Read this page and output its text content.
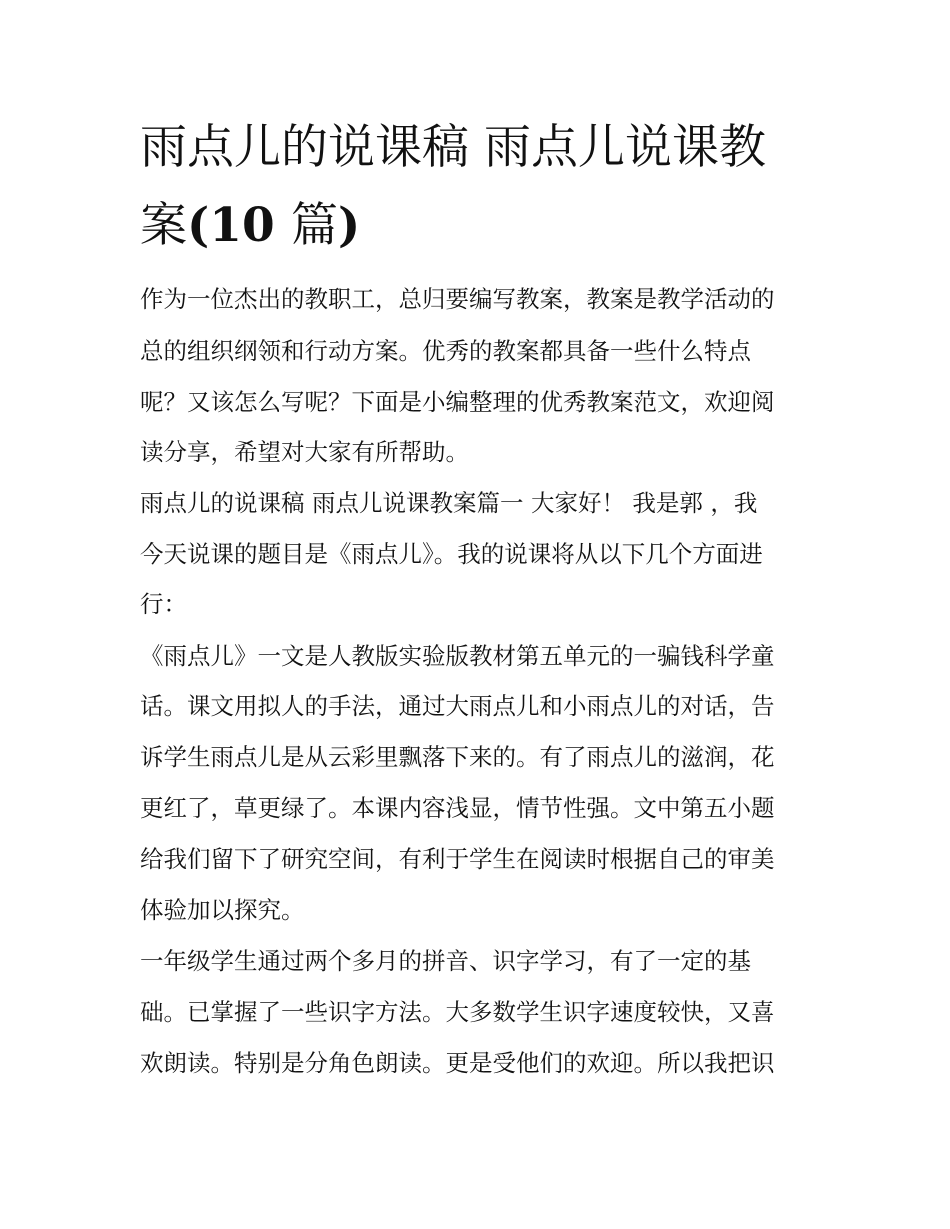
雨点儿的说课稿 雨点儿说课教
案(10 篇)
作为一位杰出的教职工，总归要编写教案，教案是教学活动的
总的组织纲领和行动方案。优秀的教案都具备一些什么特点
呢？又该怎么写呢？下面是小编整理的优秀教案范文，欢迎阅
读分享，希望对大家有所帮助。
雨点儿的说课稿 雨点儿说课教案篇一 大家好！ 我是郭 ，我
今天说课的题目是《雨点儿》。我的说课将从以下几个方面进
行：
《雨点儿》一文是人教版实验版教材第五单元的一骗钱科学童
话。课文用拟人的手法，通过大雨点儿和小雨点儿的对话，告
诉学生雨点儿是从云彩里飘落下来的。有了雨点儿的滋润，花
更红了，草更绿了。本课内容浅显，情节性强。文中第五小题
给我们留下了研究空间，有利于学生在阅读时根据自己的审美
体验加以探究。
一年级学生通过两个多月的拼音、识字学习，有了一定的基
础。已掌握了一些识字方法。大多数学生识字速度较快，又喜
欢朗读。特别是分角色朗读。更是受他们的欢迎。所以我把识
